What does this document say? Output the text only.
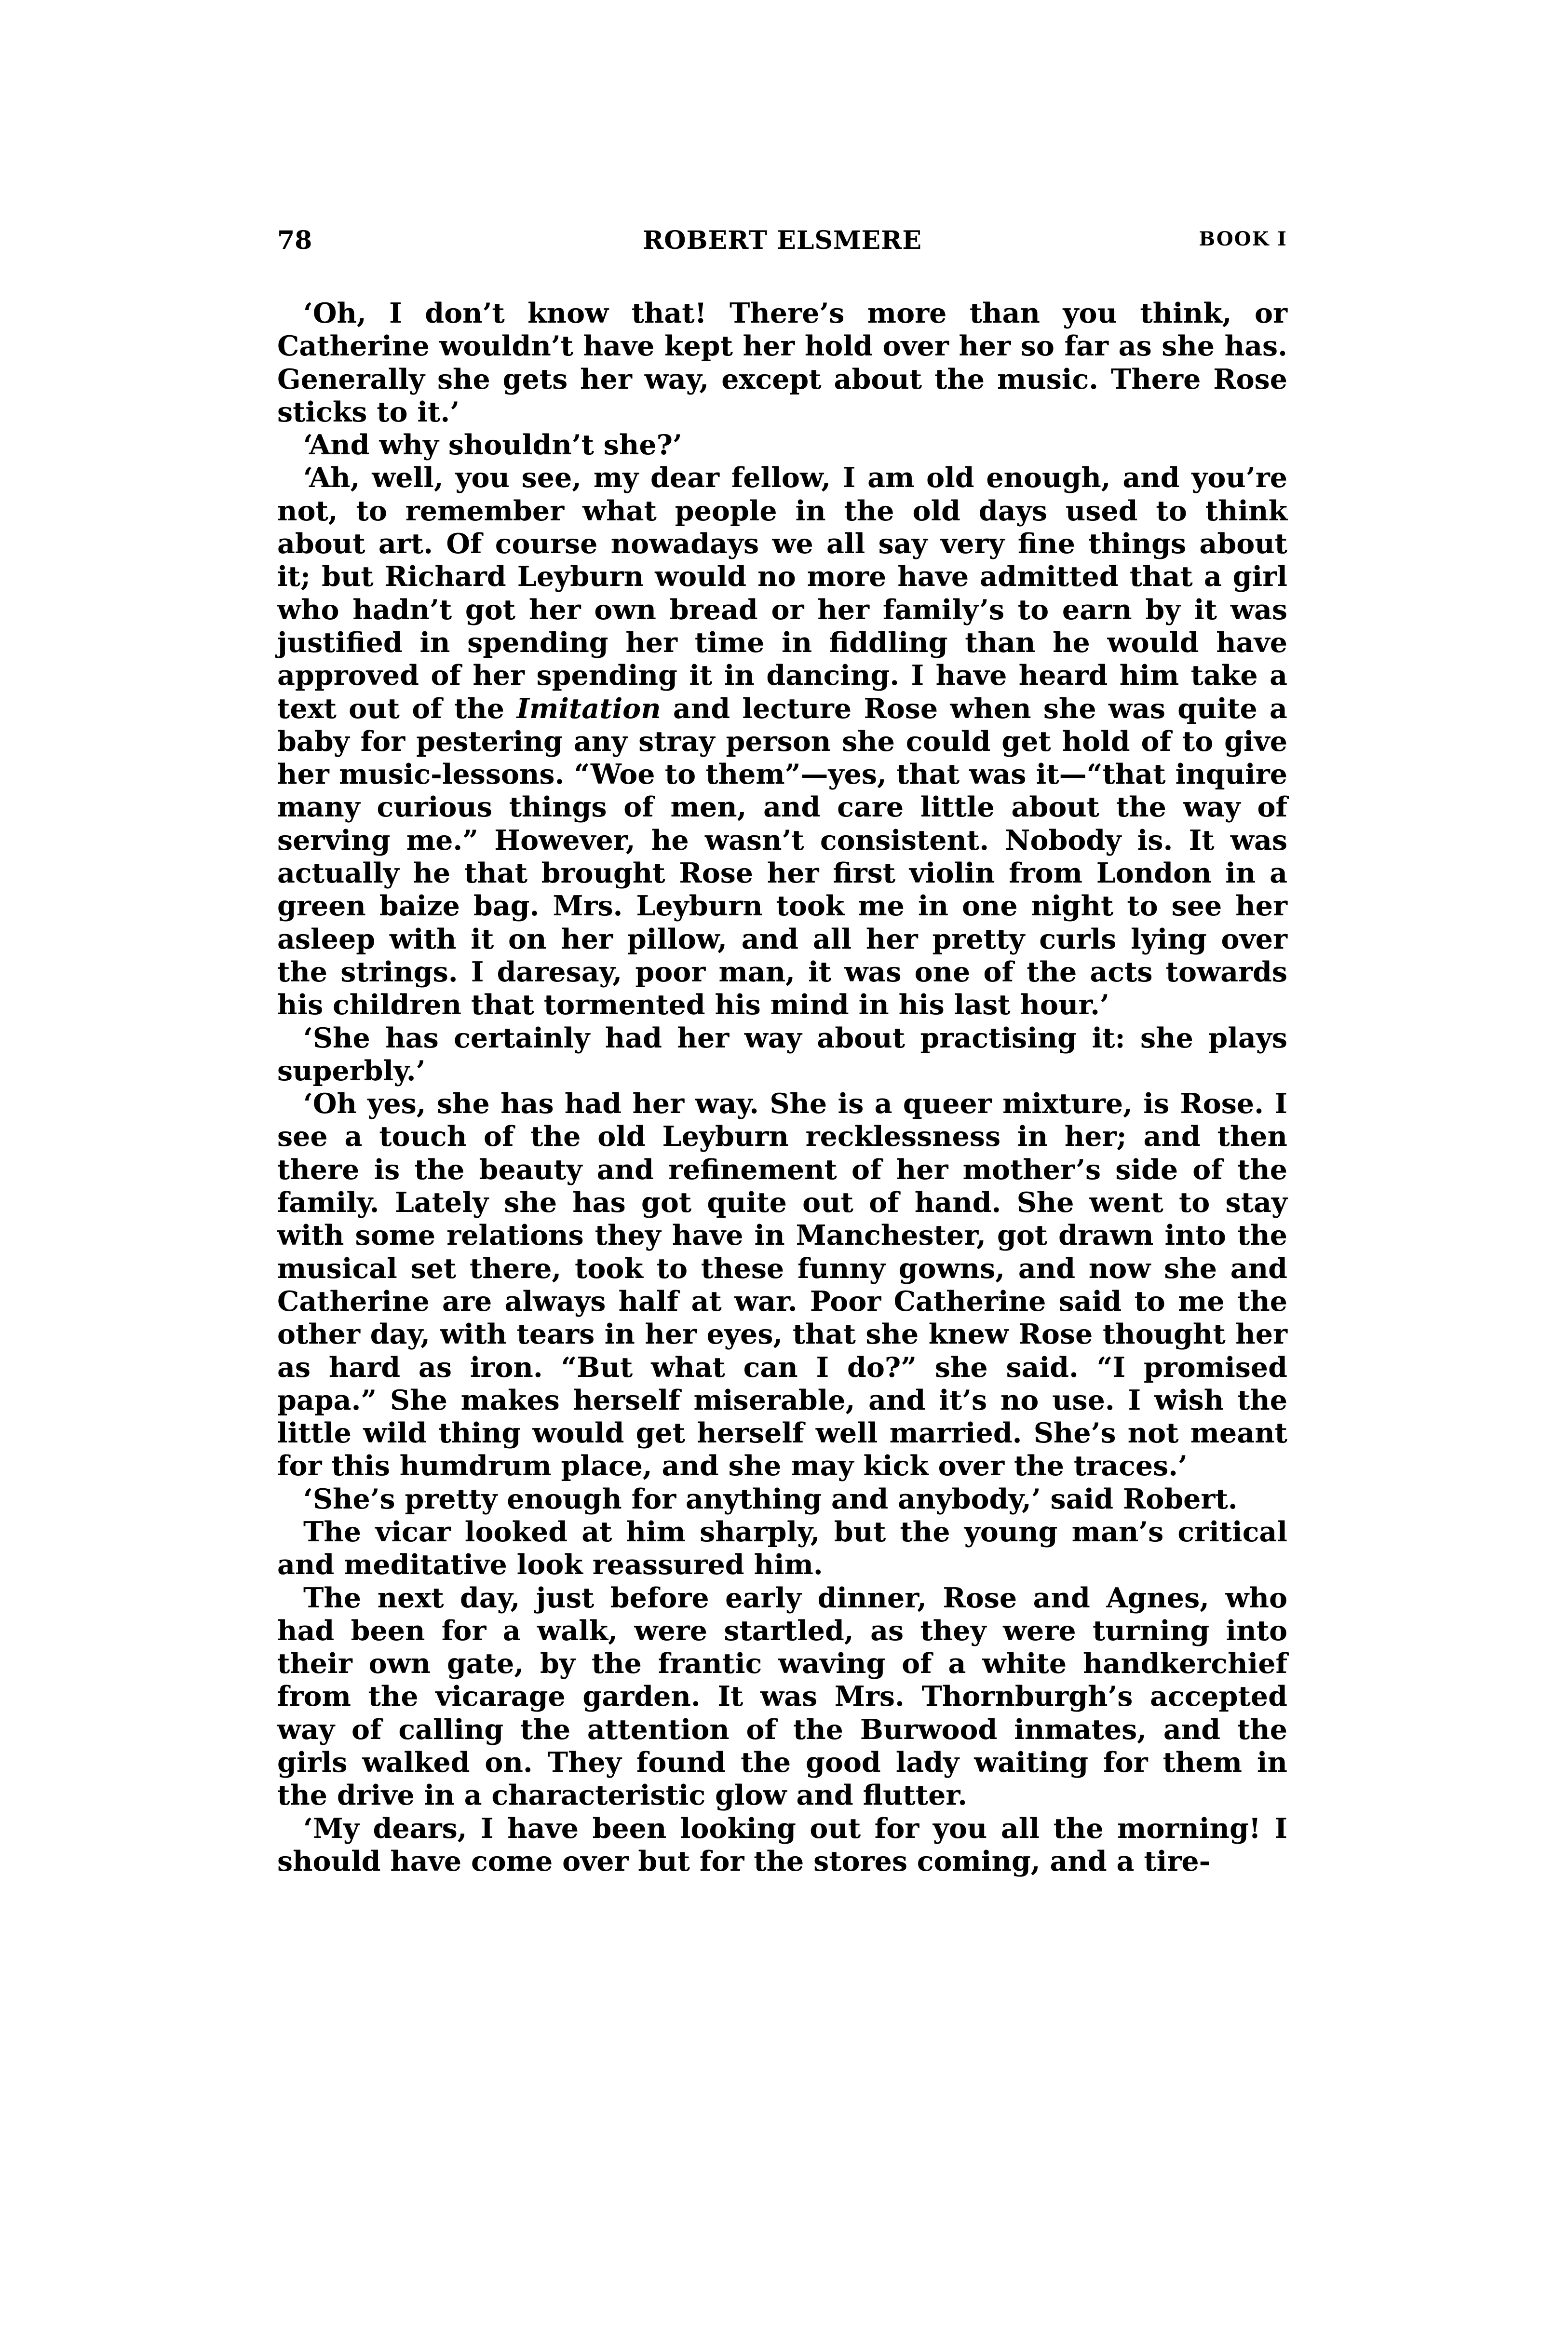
78	ROBERT ELSMERE	BOOK I

‘Oh, I don’t know that! There’s more than you think, or Catherine wouldn’t have kept her hold over her so far as she has. Generally she gets her way, except about the music. There Rose sticks to it.’

‘And why shouldn’t she?’

‘Ah, well, you see, my dear fellow, I am old enough, and you’re not, to remember what people in the old days used to think about art. Of course nowadays we all say very fine things about it; but Richard Leyburn would no more have admitted that a girl who hadn’t got her own bread or her family’s to earn by it was justified in spending her time in fiddling than he would have approved of her spending it in dancing. I have heard him take a text out of the Imitation and lecture Rose when she was quite a baby for pestering any stray person she could get hold of to give her music-lessons. “Woe to them”—yes, that was it—“that inquire many curious things of men, and care little about the way of serving me.” However, he wasn’t consistent. Nobody is. It was actually he that brought Rose her first violin from London in a green baize bag. Mrs. Leyburn took me in one night to see her asleep with it on her pillow, and all her pretty curls lying over the strings. I daresay, poor man, it was one of the acts towards his children that tormented his mind in his last hour.’

‘She has certainly had her way about practising it: she plays superbly.’

‘Oh yes, she has had her way. She is a queer mixture, is Rose. I see a touch of the old Leyburn recklessness in her; and then there is the beauty and refinement of her mother’s side of the family. Lately she has got quite out of hand. She went to stay with some relations they have in Manchester, got drawn into the musical set there, took to these funny gowns, and now she and Catherine are always half at war. Poor Catherine said to me the other day, with tears in her eyes, that she knew Rose thought her as hard as iron. “But what can I do?” she said. “I promised papa.” She makes herself miserable, and it’s no use. I wish the little wild thing would get herself well married. She’s not meant for this humdrum place, and she may kick over the traces.’

‘She’s pretty enough for anything and anybody,’ said Robert.

The vicar looked at him sharply, but the young man’s critical and meditative look reassured him.

The next day, just before early dinner, Rose and Agnes, who had been for a walk, were startled, as they were turning into their own gate, by the frantic waving of a white handkerchief from the vicarage garden. It was Mrs. Thornburgh’s accepted way of calling the attention of the Burwood inmates, and the girls walked on. They found the good lady waiting for them in the drive in a characteristic glow and flutter.

‘My dears, I have been looking out for you all the morning! I should have come over but for the stores coming, and a tire-
